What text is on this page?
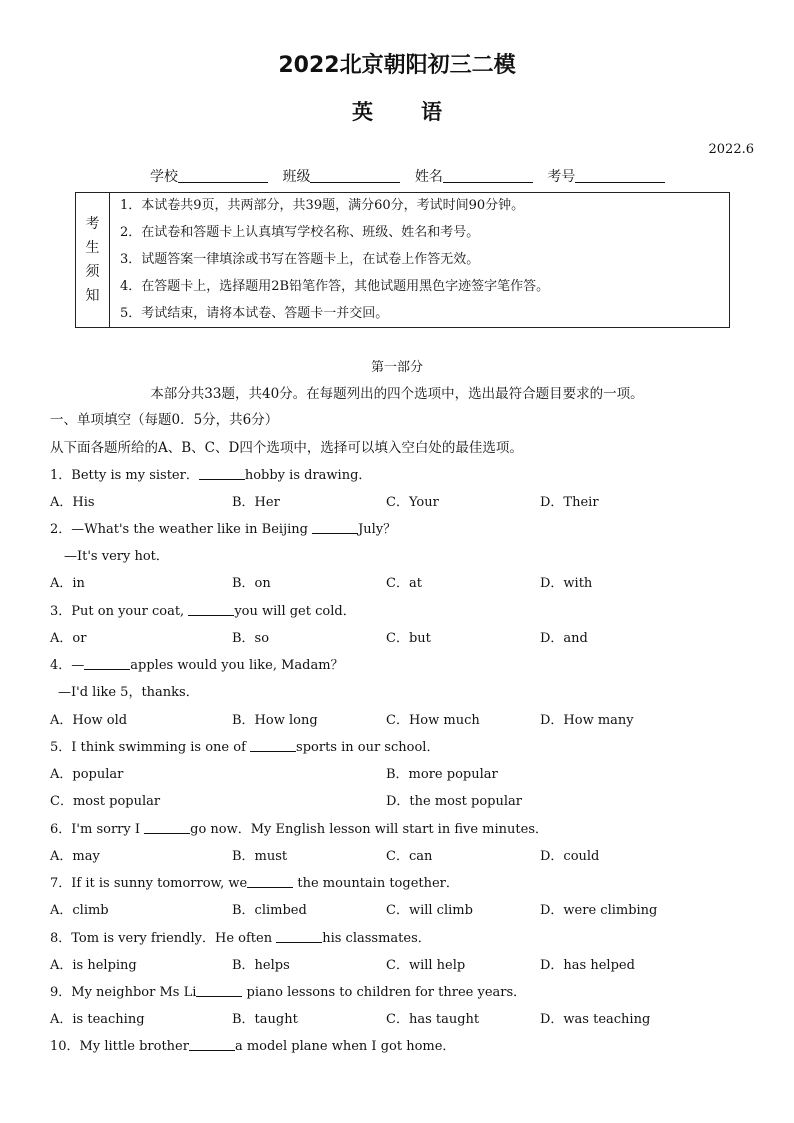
2022北京朝阳初三二模
英 语
2022.6
学校	班级	姓名	考号
考
生
须
知
1．本试卷共9页，共两部分，共39题，满分60分，考试时间90分钟。
2．在试卷和答题卡上认真填写学校名称、班级、姓名和考号。
3．试题答案一律填涂或书写在答题卡上，在试卷上作答无效。
4．在答题卡上，选择题用2B铅笔作答，其他试题用黑色字迹签字笔作答。
5．考试结束，请将本试卷、答题卡一并交回。
第一部分
本部分共33题，共40分。在每题列出的四个选项中，选出最符合题目要求的一项。
一、单项填空（每题0．5分，共6分）
从下面各题所给的A、B、C、D四个选项中，选择可以填入空白处的最佳选项。
1．Betty is my sister．	hobby is drawing．
A．His	B．Her	C．Your	D．Their
2．—What's the weather like in Beijing	July？
—It's very hot．
A．in	B．on	C．at	D．with
3．Put on your coat,	you will get cold．
A．or	B．so	C．but	D．and
4．—	apples would you like, Madam？
—I'd like 5，thanks．
A．How old	B．How long	C．How much	D．How many
5．I think swimming is one of	sports in our school．
A．popular	B．more popular
C．most popular	D．the most popular
6．I'm sorry I	go now．My English lesson will start in five minutes．
A．may	B．must	C．can	D．could
7．If it is sunny tomorrow, we	the mountain together．
A．climb	B．climbed	C．will climb	D．were climbing
8．Tom is very friendly．He often	his classmates．
A．is helping	B．helps	C．will help	D．has helped
9．My neighbor Ms Li	piano lessons to children for three years．
A．is teaching	B．taught	C．has taught	D．was teaching
10．My little brother	a model plane when I got home．
